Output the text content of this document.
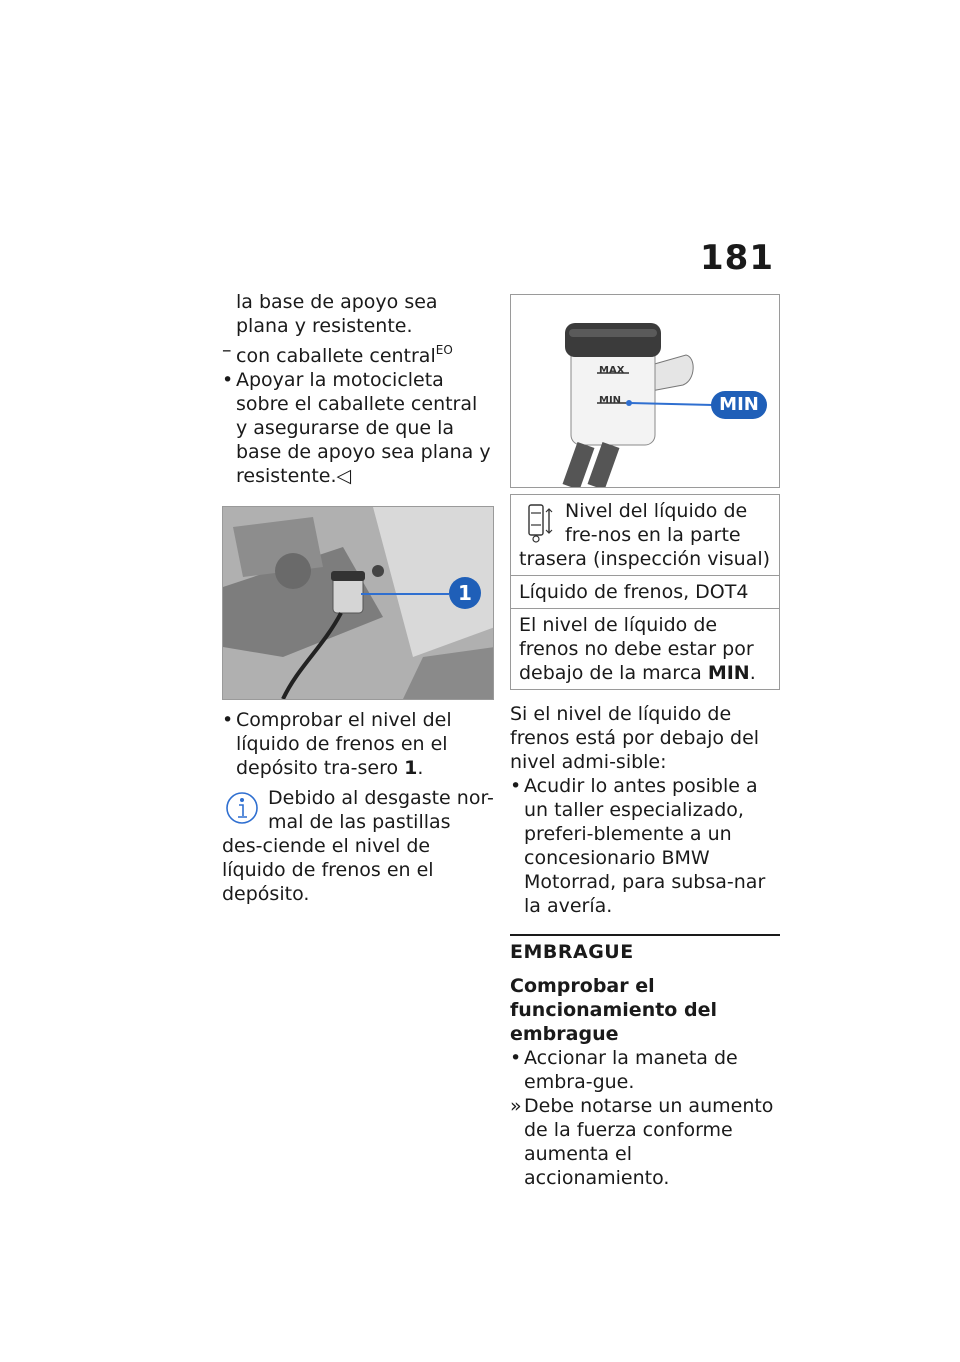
181

la base de apoyo sea plana y resistente.

– con caballete central$^{EO}$

• Apoyar la motocicleta sobre el caballete central y asegurarse de que la base de apoyo sea plana y resistente.◁

1

• Comprobar el nivel del líquido de frenos en el depósito tra-sero 1.

Debido al desgaste nor-mal de las pastillas des-ciende el nivel de líquido de frenos en el depósito.

MAX
MIN	MIN
Nivel del líquido de fre-nos en la parte trasera (inspección visual)
Líquido de frenos, DOT4
El nivel de líquido de frenos no debe estar por debajo de la marca MIN.

Si el nivel de líquido de frenos está por debajo del nivel admi-sible:

• Acudir lo antes posible a un taller especializado, preferi-blemente a un concesionario BMW Motorrad, para subsa-nar la avería.

EMBRAGUE
Comprobar el funcionamiento del embrague

• Accionar la maneta de embra-gue.

» Debe notarse un aumento de la fuerza conforme aumenta el accionamiento.
